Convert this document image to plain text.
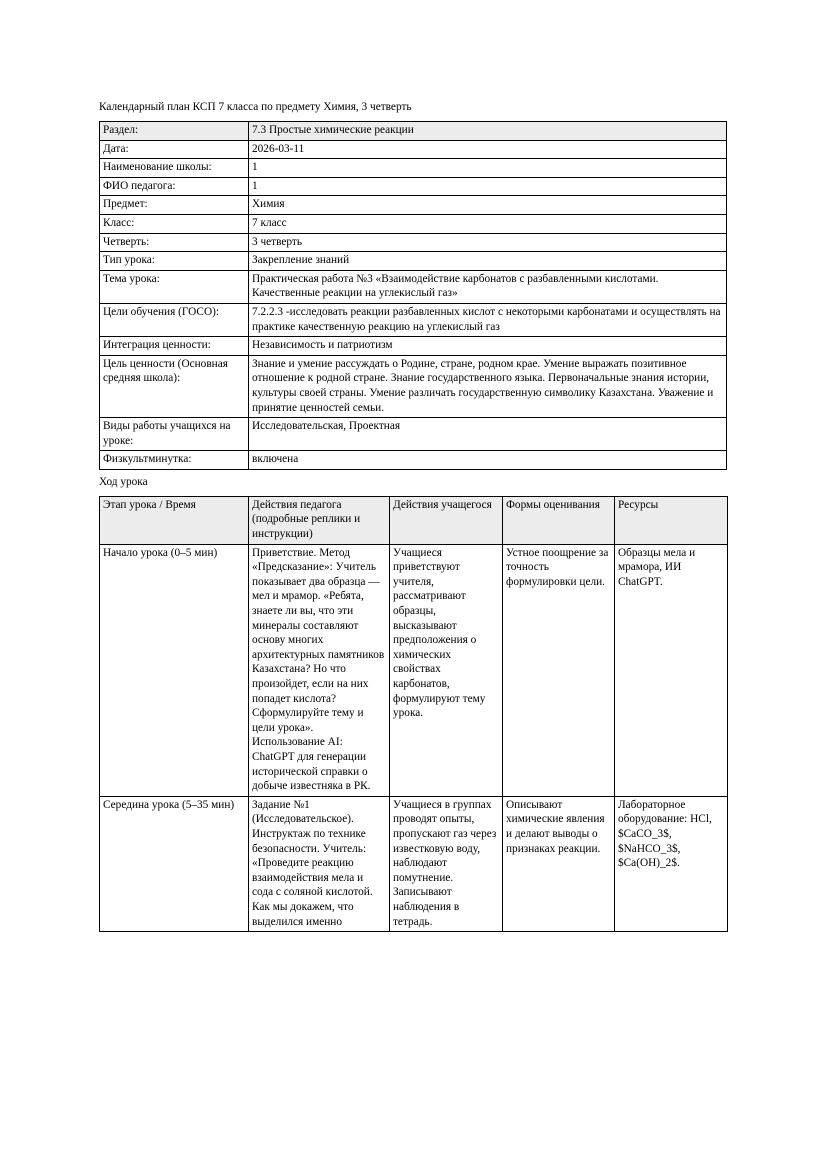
Календарный план КСП 7 класса по предмету Химия, 3 четверть
Раздел:	7.3 Простые химические реакции
Дата:	2026-03-11
Наименование школы:	1
ФИО педагога:	1
Предмет:	Химия
Класс:	7 класс
Четверть:	3 четверть
Тип урока:	Закрепление знаний
Тема урока:	Практическая работа №3 «Взаимодействие карбонатов с разбавленными кислотами. Качественные реакции на углекислый газ»
Цели обучения (ГОСО):	7.2.2.3 -исследовать реакции разбавленных кислот с некоторыми карбонатами и осуществлять на практике качественную реакцию на углекислый газ
Интеграция ценности:	Независимость и патриотизм
Цель ценности (Основная средняя школа):	Знание и умение рассуждать о Родине, стране, родном крае. Умение выражать позитивное отношение к родной стране. Знание государственного языка. Первоначальные знания истории, культуры своей страны. Умение различать государственную символику Казахстана. Уважение и принятие ценностей семьи.
Виды работы учащихся на уроке:	Исследовательская, Проектная
Физкультминутка:	включена
Ход урока
Этап урока / Время	Действия педагога (подробные реплики и инструкции)	Действия учащегося	Формы оценивания	Ресурсы
Начало урока (0–5 мин)	Приветствие. Метод «Предсказание»: Учитель показывает два образца — мел и мрамор. «Ребята, знаете ли вы, что эти минералы составляют основу многих архитектурных памятников Казахстана? Но что произойдет, если на них попадет кислота? Сформулируйте тему и цели урока». Использование AI: ChatGPT для генерации исторической справки о добыче известняка в РК.	Учащиеся приветствуют учителя, рассматривают образцы, высказывают предположения о химических свойствах карбонатов, формулируют тему урока.	Устное поощрение за точность формулировки цели.	Образцы мела и мрамора, ИИ ChatGPT.
Середина урока (5–35 мин)	Задание №1 (Исследовательское). Инструктаж по технике безопасности. Учитель: «Проведите реакцию взаимодействия мела и сода с соляной кислотой. Как мы докажем, что выделился именно	Учащиеся в группах проводят опыты, пропускают газ через известковую воду, наблюдают помутнение. Записывают наблюдения в тетрадь.	Описывают химические явления и делают выводы о признаках реакции.	Лабораторное оборудование: HCl, $CaCO_3$, $NaHCO_3$, $Ca(OH)_2$.
